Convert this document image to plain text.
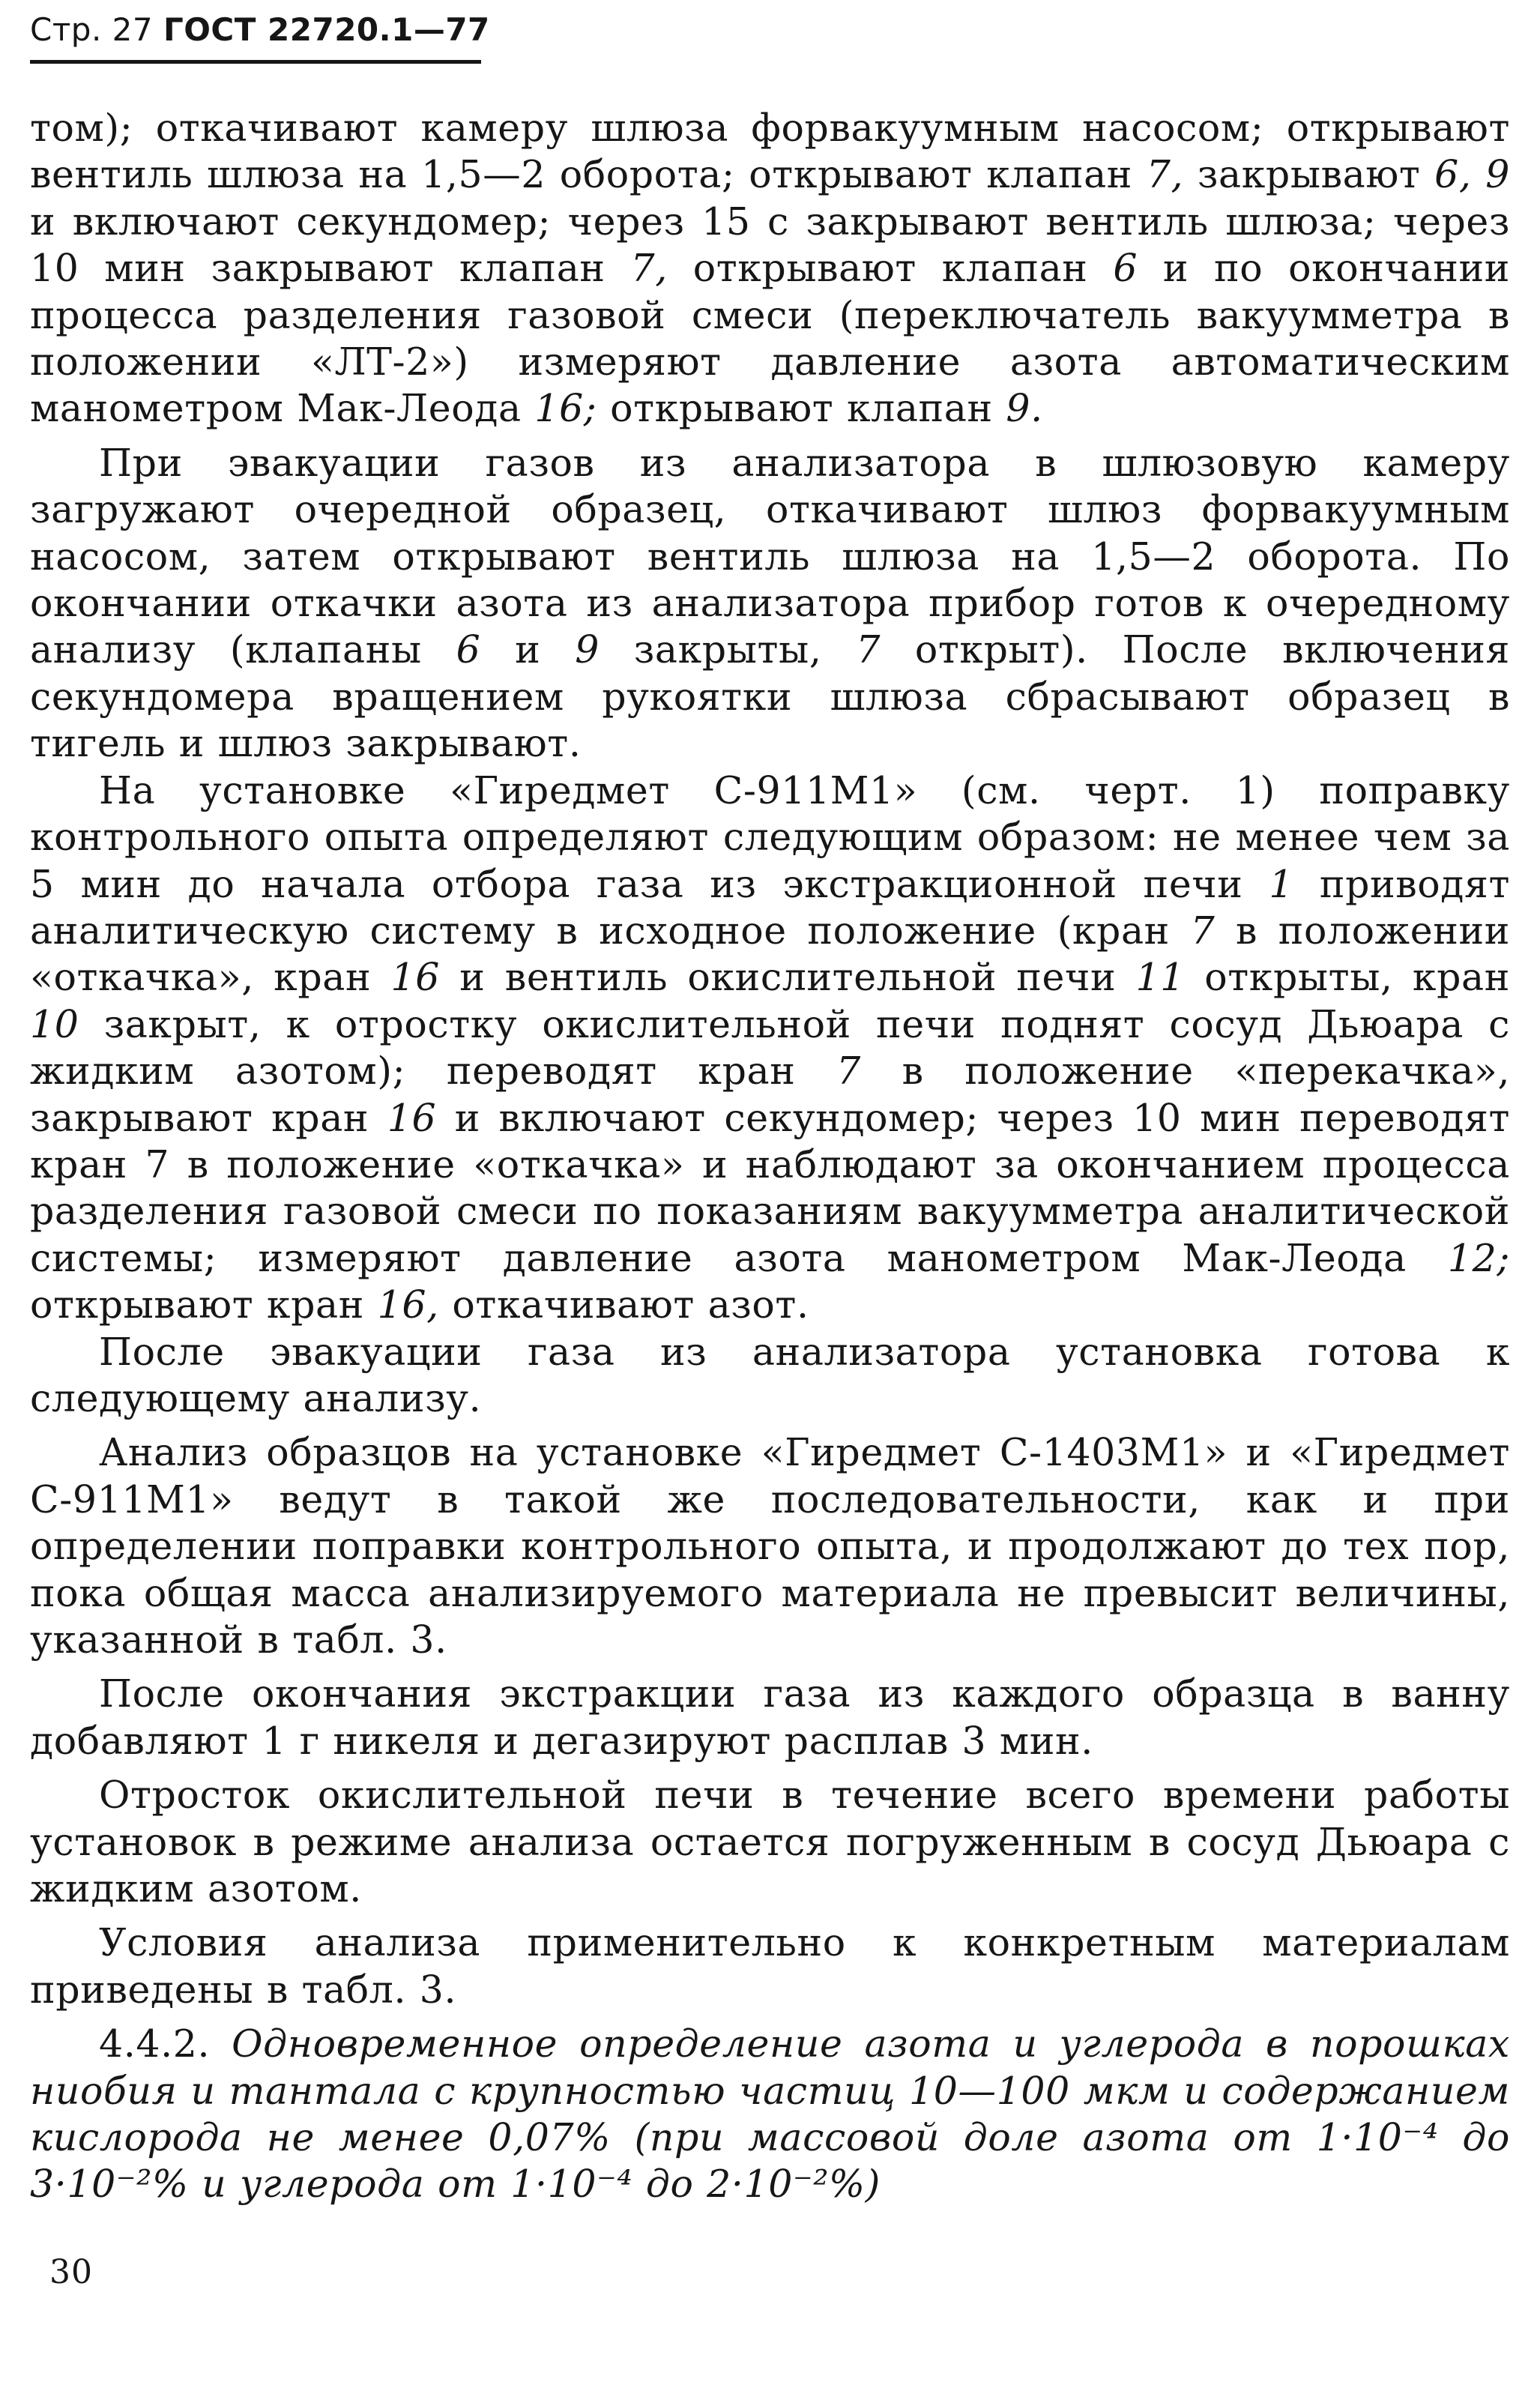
Стр. 27 ГОСТ 22720.1—77

том); откачивают камеру шлюза форвакуумным насосом; открывают вентиль шлюза на 1,5—2 оборота; открывают клапан 7, закрывают 6, 9 и включают секундомер; через 15 с закрывают вентиль шлюза; через 10 мин закрывают клапан 7, открывают клапан 6 и по окончании процесса разделения газовой смеси (переключатель вакуумметра в положении «ЛТ-2») измеряют давление азота автоматическим манометром Мак-Леода 16; открывают клапан 9.

При эвакуации газов из анализатора в шлюзовую камеру загружают очередной образец, откачивают шлюз форвакуумным насосом, затем открывают вентиль шлюза на 1,5—2 оборота. По окончании откачки азота из анализатора прибор готов к очередному анализу (клапаны 6 и 9 закрыты, 7 открыт). После включения секундомера вращением рукоятки шлюза сбрасывают образец в тигель и шлюз закрывают.

На установке «Гиредмет С-911М1» (см. черт. 1) поправку контрольного опыта определяют следующим образом: не менее чем за 5 мин до начала отбора газа из экстракционной печи 1 приводят аналитическую систему в исходное положение (кран 7 в положении «откачка», кран 16 и вентиль окислительной печи 11 открыты, кран 10 закрыт, к отростку окислительной печи поднят сосуд Дьюара с жидким азотом); переводят кран 7 в положение «перекачка», закрывают кран 16 и включают секундомер; через 10 мин переводят кран 7 в положение «откачка» и наблюдают за окончанием процесса разделения газовой смеси по показаниям вакуумметра аналитической системы; измеряют давление азота манометром Мак-Леода 12; открывают кран 16, откачивают азот.

После эвакуации газа из анализатора установка готова к следующему анализу.

Анализ образцов на установке «Гиредмет С-1403М1» и «Гиредмет С-911М1» ведут в такой же последовательности, как и при определении поправки контрольного опыта, и продолжают до тех пор, пока общая масса анализируемого материала не превысит величины, указанной в табл. 3.

После окончания экстракции газа из каждого образца в ванну добавляют 1 г никеля и дегазируют расплав 3 мин.

Отросток окислительной печи в течение всего времени работы установок в режиме анализа остается погруженным в сосуд Дьюара с жидким азотом.

Условия анализа применительно к конкретным материалам приведены в табл. 3.

4.4.2. Одновременное определение азота и углерода в порошках ниобия и тантала с крупностью частиц 10—100 мкм и содержанием кислорода не менее 0,07% (при массовой доле азота от 1·10⁻⁴ до 3·10⁻²% и углерода от 1·10⁻⁴ до 2·10⁻²%)

30
